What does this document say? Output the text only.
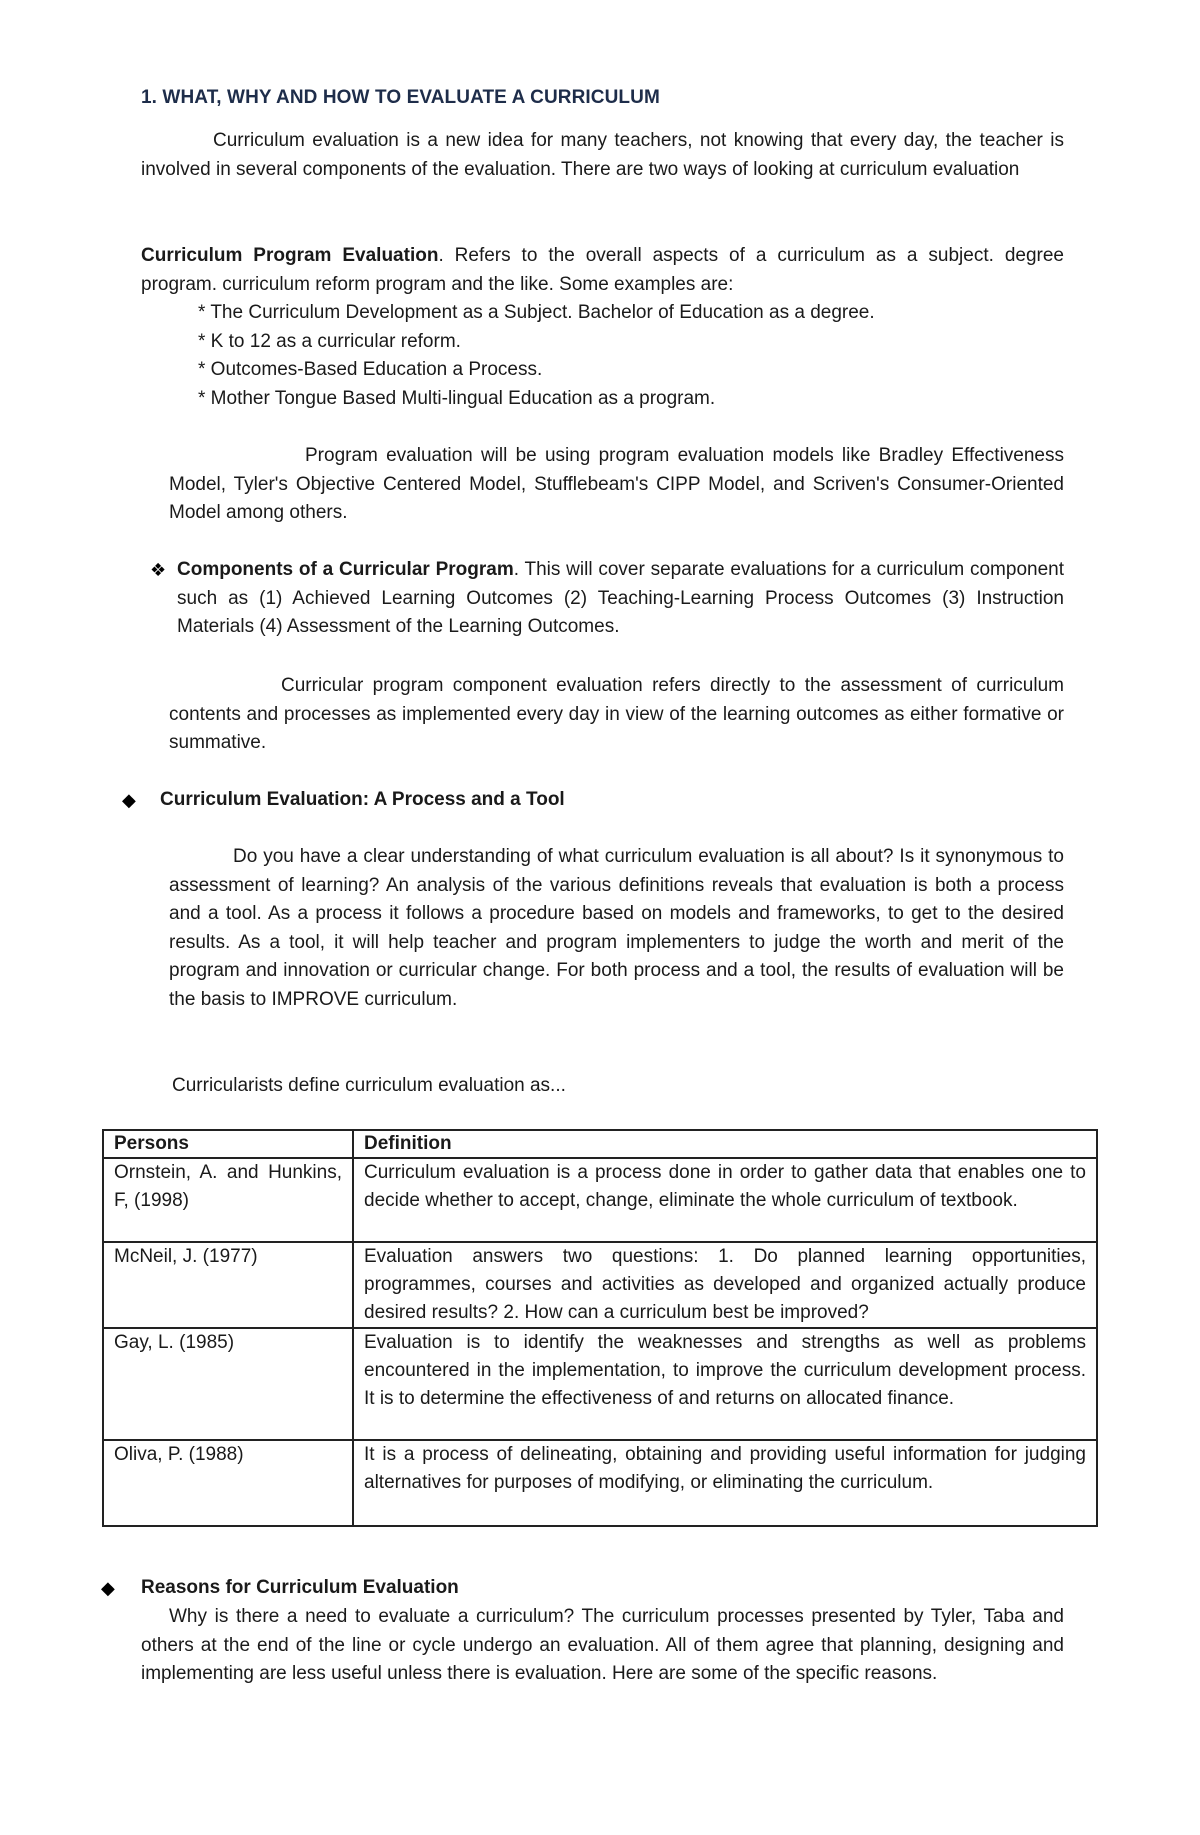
1. WHAT, WHY AND HOW TO EVALUATE A CURRICULUM

Curriculum evaluation is a new idea for many teachers, not knowing that every day, the teacher is involved in several components of the evaluation. There are two ways of looking at curriculum evaluation

Curriculum Program Evaluation. Refers to the overall aspects of a curriculum as a subject. degree program. curriculum reform program and the like. Some examples are:

* The Curriculum Development as a Subject. Bachelor of Education as a degree.
* K to 12 as a curricular reform.
* Outcomes-Based Education a Process.
* Mother Tongue Based Multi-lingual Education as a program.

Program evaluation will be using program evaluation models like Bradley Effectiveness Model, Tyler's Objective Centered Model, Stufflebeam's CIPP Model, and Scriven's Consumer-Oriented Model among others.

❖ Components of a Curricular Program. This will cover separate evaluations for a curriculum component such as (1) Achieved Learning Outcomes (2) Teaching-Learning Process Outcomes (3) Instruction Materials (4) Assessment of the Learning Outcomes.

Curricular program component evaluation refers directly to the assessment of curriculum contents and processes as implemented every day in view of the learning outcomes as either formative or summative.

◆ Curriculum Evaluation: A Process and a Tool

Do you have a clear understanding of what curriculum evaluation is all about? Is it synonymous to assessment of learning? An analysis of the various definitions reveals that evaluation is both a process and a tool. As a process it follows a procedure based on models and frameworks, to get to the desired results. As a tool, it will help teacher and program implementers to judge the worth and merit of the program and innovation or curricular change. For both process and a tool, the results of evaluation will be the basis to IMPROVE curriculum.

Curricularists define curriculum evaluation as...

Persons	Definition
Ornstein, A. and Hunkins, F, (1998)	Curriculum evaluation is a process done in order to gather data that enables one to decide whether to accept, change, eliminate the whole curriculum of textbook.
McNeil, J. (1977)	Evaluation answers two questions: 1. Do planned learning opportunities, programmes, courses and activities as developed and organized actually produce desired results? 2. How can a curriculum best be improved?
Gay, L. (1985)	Evaluation is to identify the weaknesses and strengths as well as problems encountered in the implementation, to improve the curriculum development process. It is to determine the effectiveness of and returns on allocated finance.
Oliva, P. (1988)	It is a process of delineating, obtaining and providing useful information for judging alternatives for purposes of modifying, or eliminating the curriculum.
◆ Reasons for Curriculum Evaluation

Why is there a need to evaluate a curriculum? The curriculum processes presented by Tyler, Taba and others at the end of the line or cycle undergo an evaluation. All of them agree that planning, designing and implementing are less useful unless there is evaluation. Here are some of the specific reasons.
